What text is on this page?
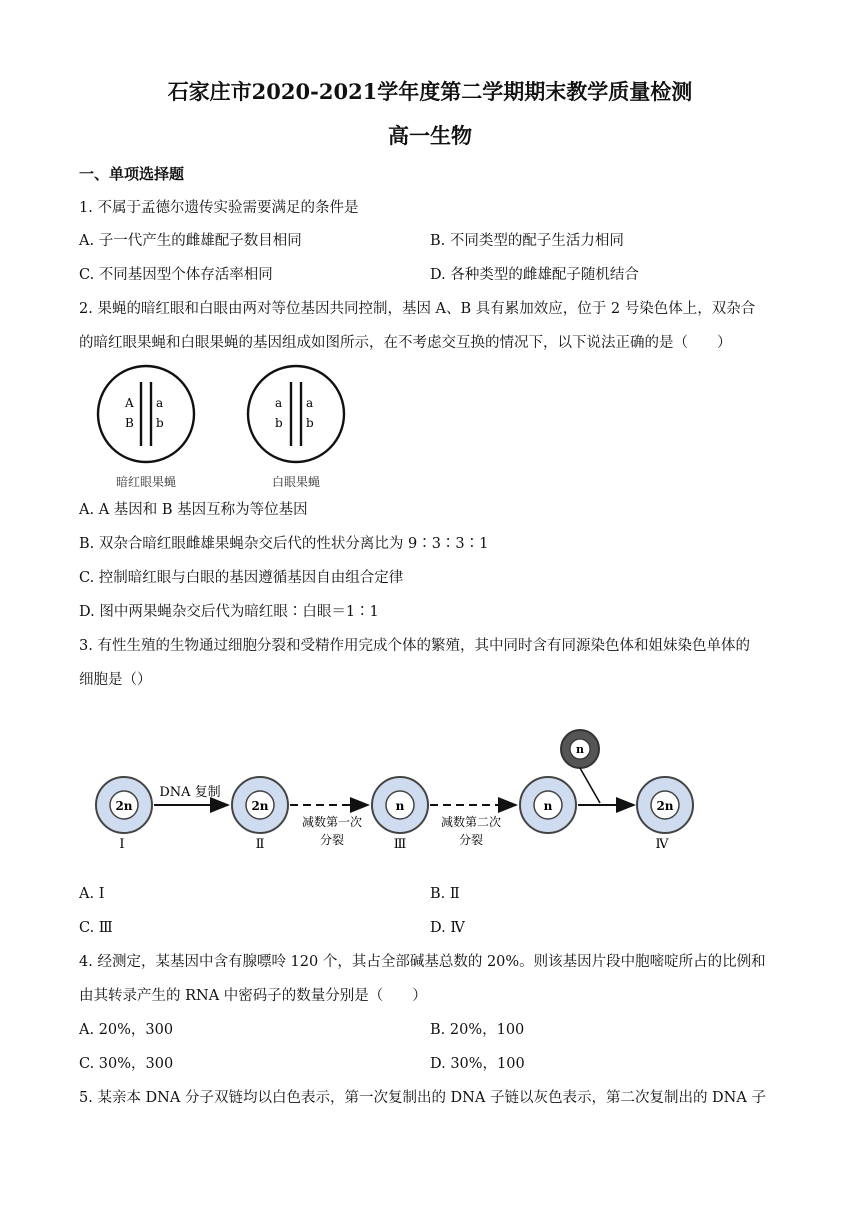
石家庄市2020-2021学年度第二学期期末教学质量检测
高一生物
一、单项选择题
1. 不属于孟德尔遗传实验需要满足的条件是
A. 子一代产生的雌雄配子数目相同	B. 不同类型的配子生活力相同
C. 不同基因型个体存活率相同	D. 各种类型的雌雄配子随机结合
2. 果蝇的暗红眼和白眼由两对等位基因共同控制，基因 A、B 具有累加效应，位于 2 号染色体上，双杂合
的暗红眼果蝇和白眼果蝇的基因组成如图所示，在不考虑交互换的情况下，以下说法正确的是（　　）
A
B
a
b
暗红眼果蝇
a
b
a
b
白眼果蝇
A. A 基因和 B 基因互称为等位基因
B. 双杂合暗红眼雌雄果蝇杂交后代的性状分离比为 9∶3∶3∶1
C. 控制暗红眼与白眼的基因遵循基因自由组合定律
D. 图中两果蝇杂交后代为暗红眼∶白眼＝1∶1
3. 有性生殖的生物通过细胞分裂和受精作用完成个体的繁殖，其中同时含有同源染色体和姐妹染色单体的
细胞是（）
2n
Ⅰ
DNA 复制
2n
Ⅱ
减数第一次
分裂
n
Ⅲ
减数第二次
分裂
n
n
2n
Ⅳ
A. Ⅰ	B. Ⅱ
C. Ⅲ	D. Ⅳ
4. 经测定，某基因中含有腺嘌呤 120 个，其占全部碱基总数的 20%。则该基因片段中胞嘧啶所占的比例和
由其转录产生的 RNA 中密码子的数量分别是（　　）
A. 20%，300	B. 20%，100
C. 30%，300	D. 30%，100
5. 某亲本 DNA 分子双链均以白色表示，第一次复制出的 DNA 子链以灰色表示，第二次复制出的 DNA 子
